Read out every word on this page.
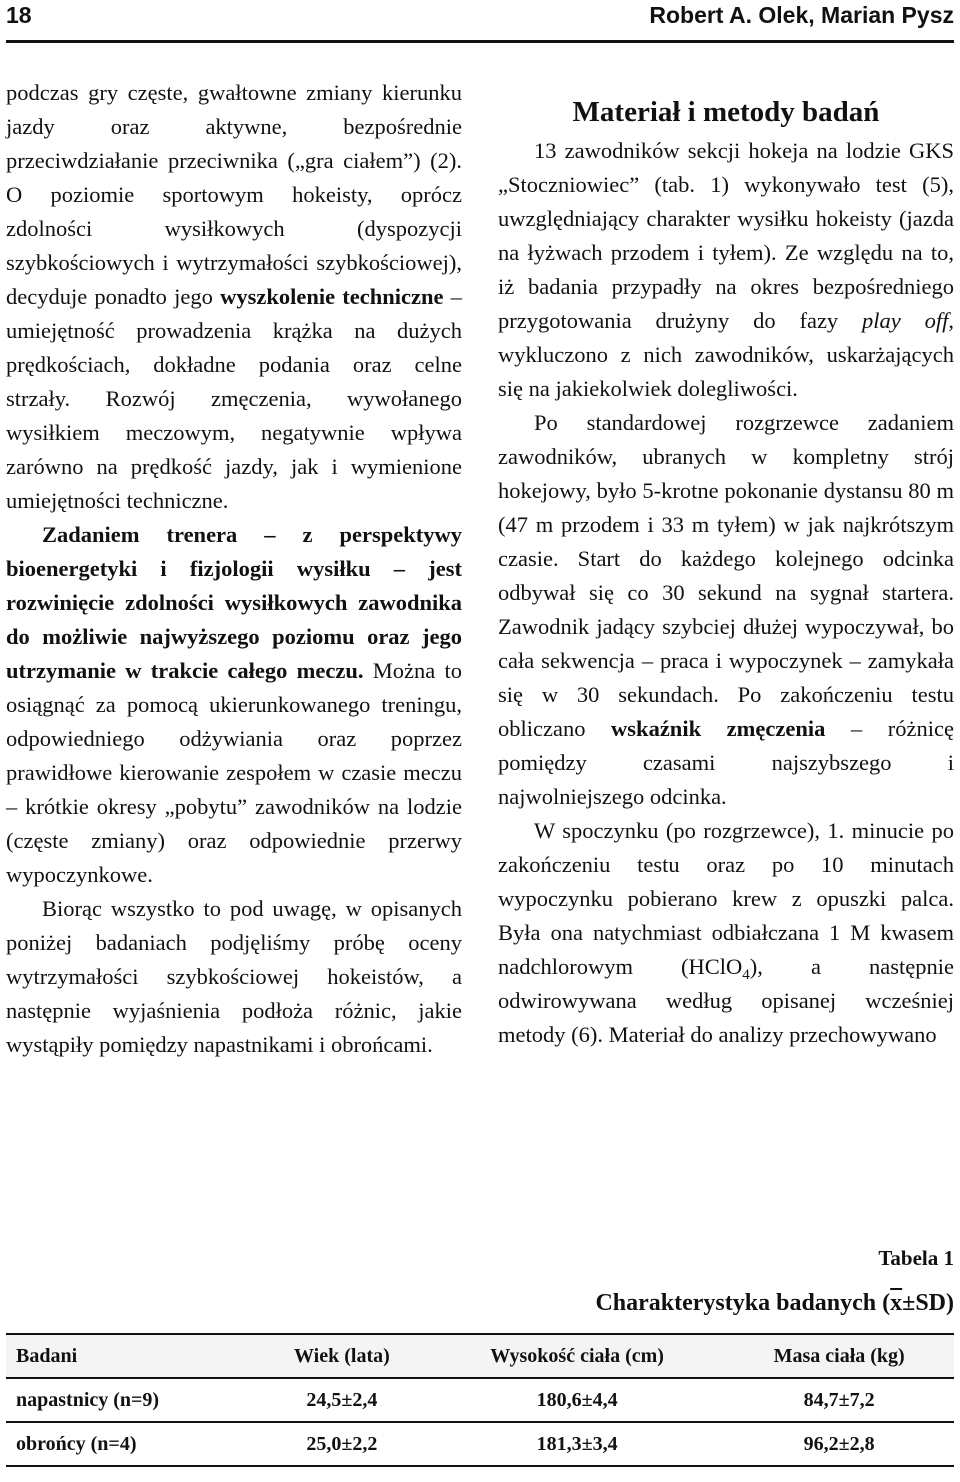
18	Robert A. Olek, Marian Pysz

podczas gry częste, gwałtowne zmiany kierunku jazdy oraz aktywne, bezpośrednie przeciwdziałanie przeciwnika („gra ciałem”) (2). O poziomie sportowym hokeisty, oprócz zdolności wysiłkowych (dyspozycji szybkościowych i wytrzymałości szybkościowej), decyduje ponadto jego wyszkolenie techniczne – umiejętność prowadzenia krążka na dużych prędkościach, dokładne podania oraz celne strzały. Rozwój zmęczenia, wywołanego wysiłkiem meczowym, negatywnie wpływa zarówno na prędkość jazdy, jak i wymienione umiejętności techniczne.

Zadaniem trenera – z perspektywy bioenergetyki i fizjologii wysiłku – jest rozwinięcie zdolności wysiłkowych zawodnika do możliwie najwyższego poziomu oraz jego utrzymanie w trakcie całego meczu. Można to osiągnąć za pomocą ukierunkowanego treningu, odpowiedniego odżywiania oraz poprzez prawidłowe kierowanie zespołem w czasie meczu – krótkie okresy „pobytu” zawodników na lodzie (częste zmiany) oraz odpowiednie przerwy wypoczynkowe.

Biorąc wszystko to pod uwagę, w opisanych poniżej badaniach podjęliśmy próbę oceny wytrzymałości szybkościowej hokeistów, a następnie wyjaśnienia podłoża różnic, jakie wystąpiły pomiędzy napastnikami i obrońcami.

Materiał i metody badań

13 zawodników sekcji hokeja na lodzie GKS „Stoczniowiec” (tab. 1) wykonywało test (5), uwzględniający charakter wysiłku hokeisty (jazda na łyżwach przodem i tyłem). Ze względu na to, iż badania przypadły na okres bezpośredniego przygotowania drużyny do fazy play off, wykluczono z nich zawodników, uskarżających się na jakiekolwiek dolegliwości.

Po standardowej rozgrzewce zadaniem zawodników, ubranych w kompletny strój hokejowy, było 5-krotne pokonanie dystansu 80 m (47 m przodem i 33 m tyłem) w jak najkrótszym czasie. Start do każdego kolejnego odcinka odbywał się co 30 sekund na sygnał startera. Zawodnik jadący szybciej dłużej wypoczywał, bo cała sekwencja – praca i wypoczynek – zamykała się w 30 sekundach. Po zakończeniu testu obliczano wskaźnik zmęczenia – różnicę pomiędzy czasami najszybszego i najwolniejszego odcinka.

W spoczynku (po rozgrzewce), 1. minucie po zakończeniu testu oraz po 10 minutach wypoczynku pobierano krew z opuszki palca. Była ona natychmiast odbiałczana 1 M kwasem nadchlorowym (HClO$_4$), a następnie odwirowywana według opisanej wcześniej metody (6). Materiał do analizy przechowywano

Tabela 1
Charakterystyka badanych $(\overline{x}\pm SD)$
Badani	Wiek (lata)	Wysokość ciała (cm)	Masa ciała (kg)
napastnicy (n=9)	24,5±2,4	180,6±4,4	84,7±7,2
obrońcy (n=4)	25,0±2,2	181,3±3,4	96,2±2,8
